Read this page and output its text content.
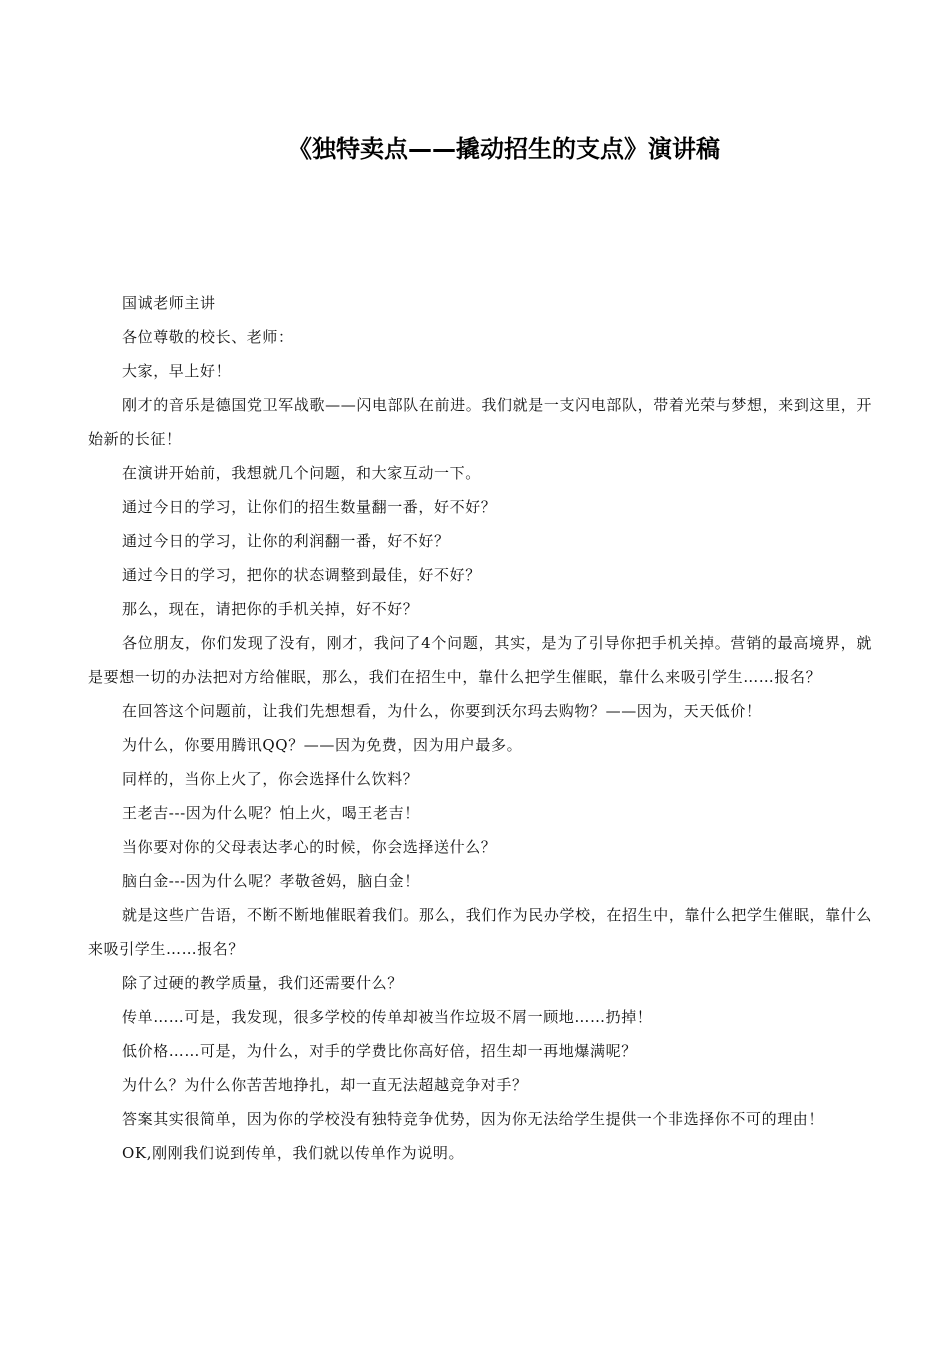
《独特卖点——撬动招生的支点》演讲稿

国诚老师主讲

各位尊敬的校长、老师：

大家，早上好！

刚才的音乐是德国党卫军战歌——闪电部队在前进。我们就是一支闪电部队，带着光荣与梦想，来到这里，开始新的长征！

在演讲开始前，我想就几个问题，和大家互动一下。

通过今日的学习，让你们的招生数量翻一番，好不好？

通过今日的学习，让你的利润翻一番，好不好？

通过今日的学习，把你的状态调整到最佳，好不好？

那么，现在，请把你的手机关掉，好不好？

各位朋友，你们发现了没有，刚才，我问了4个问题，其实，是为了引导你把手机关掉。营销的最高境界，就是要想一切的办法把对方给催眠，那么，我们在招生中，靠什么把学生催眠，靠什么来吸引学生……报名？

在回答这个问题前，让我们先想想看，为什么，你要到沃尔玛去购物？——因为，天天低价！

为什么，你要用腾讯QQ？——因为免费，因为用户最多。

同样的，当你上火了，你会选择什么饮料？

王老吉---因为什么呢？怕上火，喝王老吉！

当你要对你的父母表达孝心的时候，你会选择送什么？

脑白金---因为什么呢？孝敬爸妈，脑白金！

就是这些广告语，不断不断地催眠着我们。那么，我们作为民办学校，在招生中，靠什么把学生催眠，靠什么来吸引学生……报名？

除了过硬的教学质量，我们还需要什么？

传单……可是，我发现，很多学校的传单却被当作垃圾不屑一顾地……扔掉！

低价格……可是，为什么，对手的学费比你高好倍，招生却一再地爆满呢？

为什么？为什么你苦苦地挣扎，却一直无法超越竞争对手？

答案其实很简单，因为你的学校没有独特竞争优势，因为你无法给学生提供一个非选择你不可的理由！

OK,刚刚我们说到传单，我们就以传单作为说明。
